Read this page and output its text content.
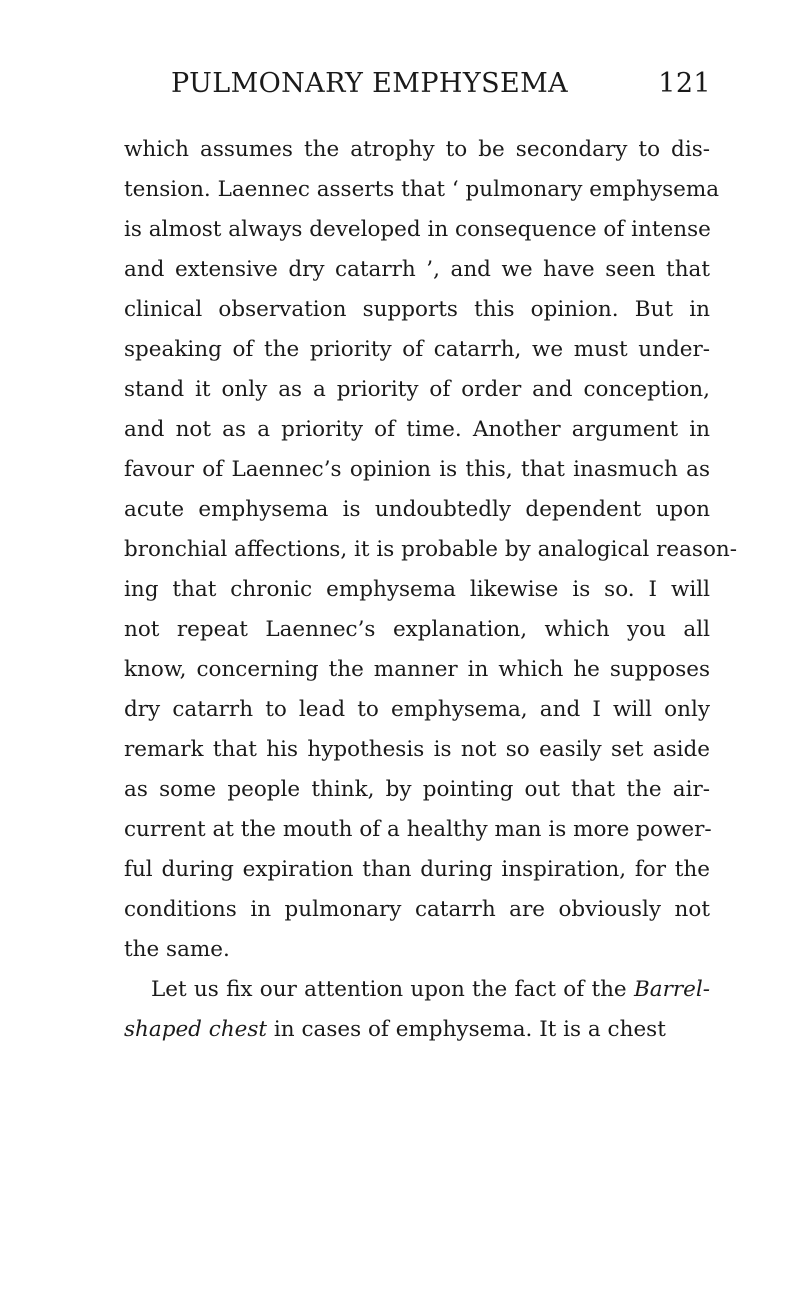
PULMONARY EMPHYSEMA	121
which assumes the atrophy to be secondary to dis-
tension. Laennec asserts that ‘ pulmonary emphysema
is almost always developed in consequence of intense
and extensive dry catarrh ’, and we have seen that
clinical observation supports this opinion. But in
speaking of the priority of catarrh, we must under-
stand it only as a priority of order and conception,
and not as a priority of time. Another argument in
favour of Laennec’s opinion is this, that inasmuch as
acute emphysema is undoubtedly dependent upon
bronchial affections, it is probable by analogical reason-
ing that chronic emphysema likewise is so. I will
not repeat Laennec’s explanation, which you all
know, concerning the manner in which he supposes
dry catarrh to lead to emphysema, and I will only
remark that his hypothesis is not so easily set aside
as some people think, by pointing out that the air-
current at the mouth of a healthy man is more power-
ful during expiration than during inspiration, for the
conditions in pulmonary catarrh are obviously not
the same.
Let us fix our attention upon the fact of the Barrel-
shaped chest in cases of emphysema. It is a chest
